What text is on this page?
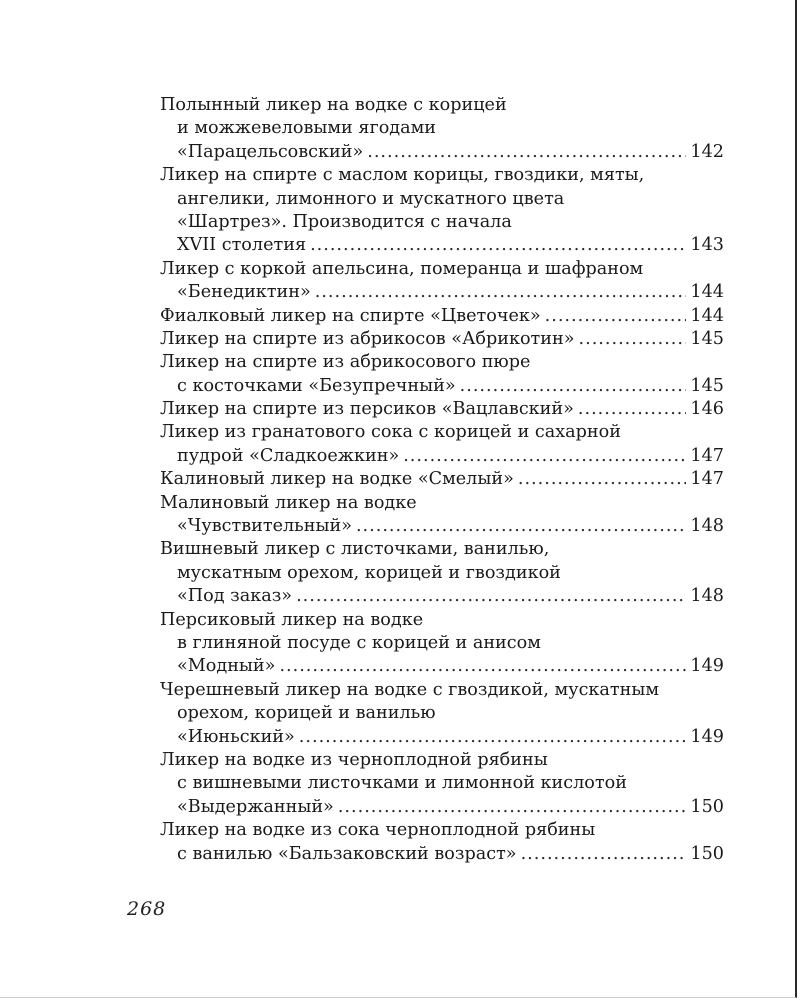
Полынный ликер на водке с корицей
и можжевеловыми ягодами
«Парацельсовский» .....	142
Ликер на спирте с маслом корицы, гвоздики, мяты,
ангелики, лимонного и мускатного цвета
«Шартрез». Производится с начала
XVII столетия .....	143
Ликер с коркой апельсина, померанца и шафраном
«Бенедиктин» .....	144
Фиалковый ликер на спирте «Цветочек» .....	144
Ликер на спирте из абрикосов «Абрикотин» .....	145
Ликер на спирте из абрикосового пюре
с косточками «Безупречный» .....	145
Ликер на спирте из персиков «Вацлавский» .....	146
Ликер из гранатового сока с корицей и сахарной
пудрой «Сладкоежкин» .....	147
Калиновый ликер на водке «Смелый» .....	147
Малиновый ликер на водке
«Чувствительный» .....	148
Вишневый ликер с листочками, ванилью,
мускатным орехом, корицей и гвоздикой
«Под заказ» .....	148
Персиковый ликер на водке
в глиняной посуде с корицей и анисом
«Модный» .....	149
Черешневый ликер на водке с гвоздикой, мускатным
орехом, корицей и ванилью
«Июньский» .....	149
Ликер на водке из черноплодной рябины
с вишневыми листочками и лимонной кислотой
«Выдержанный» .....	150
Ликер на водке из сока черноплодной рябины
с ванилью «Бальзаковский возраст» .....	150
268
